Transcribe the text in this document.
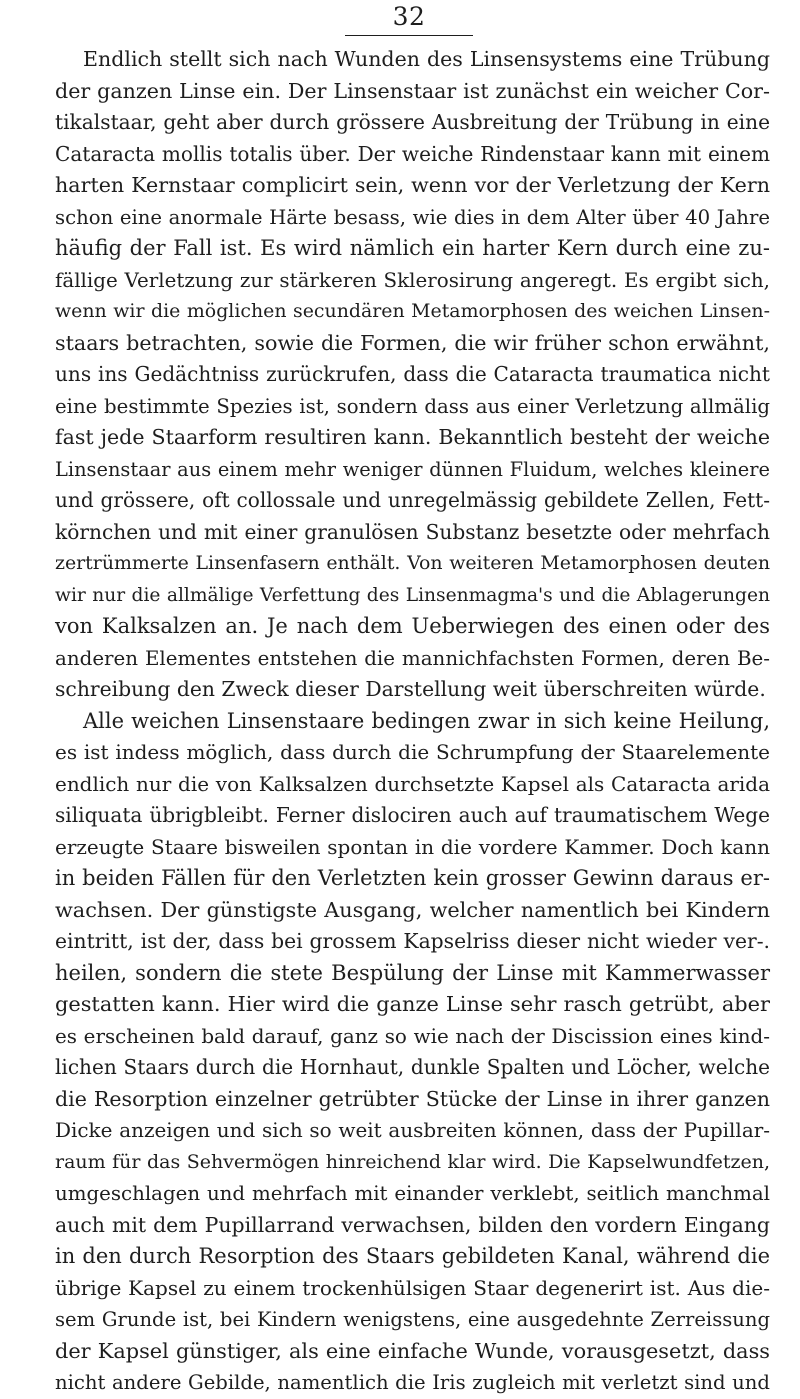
32
Endlich stellt sich nach Wunden des Linsensystems eine Trübung
der ganzen Linse ein. Der Linsenstaar ist zunächst ein weicher Cor-
tikalstaar, geht aber durch grössere Ausbreitung der Trübung in eine
Cataracta mollis totalis über. Der weiche Rindenstaar kann mit einem
harten Kernstaar complicirt sein, wenn vor der Verletzung der Kern
schon eine anormale Härte besass, wie dies in dem Alter über 40 Jahre
häufig der Fall ist. Es wird nämlich ein harter Kern durch eine zu-
fällige Verletzung zur stärkeren Sklerosirung angeregt. Es ergibt sich,
wenn wir die möglichen secundären Metamorphosen des weichen Linsen-
staars betrachten, sowie die Formen, die wir früher schon erwähnt,
uns ins Gedächtniss zurückrufen, dass die Cataracta traumatica nicht
eine bestimmte Spezies ist, sondern dass aus einer Verletzung allmälig
fast jede Staarform resultiren kann. Bekanntlich besteht der weiche
Linsenstaar aus einem mehr weniger dünnen Fluidum, welches kleinere
und grössere, oft collossale und unregelmässig gebildete Zellen, Fett-
körnchen und mit einer granulösen Substanz besetzte oder mehrfach
zertrümmerte Linsenfasern enthält. Von weiteren Metamorphosen deuten
wir nur die allmälige Verfettung des Linsenmagma's und die Ablagerungen
von Kalksalzen an. Je nach dem Ueberwiegen des einen oder des
anderen Elementes entstehen die mannichfachsten Formen, deren Be-
schreibung den Zweck dieser Darstellung weit überschreiten würde.
Alle weichen Linsenstaare bedingen zwar in sich keine Heilung,
es ist indess möglich, dass durch die Schrumpfung der Staarelemente
endlich nur die von Kalksalzen durchsetzte Kapsel als Cataracta arida
siliquata übrigbleibt. Ferner dislociren auch auf traumatischem Wege
erzeugte Staare bisweilen spontan in die vordere Kammer. Doch kann
in beiden Fällen für den Verletzten kein grosser Gewinn daraus er-
wachsen. Der günstigste Ausgang, welcher namentlich bei Kindern
eintritt, ist der, dass bei grossem Kapselriss dieser nicht wieder ver-.
heilen, sondern die stete Bespülung der Linse mit Kammerwasser
gestatten kann. Hier wird die ganze Linse sehr rasch getrübt, aber
es erscheinen bald darauf, ganz so wie nach der Discission eines kind-
lichen Staars durch die Hornhaut, dunkle Spalten und Löcher, welche
die Resorption einzelner getrübter Stücke der Linse in ihrer ganzen
Dicke anzeigen und sich so weit ausbreiten können, dass der Pupillar-
raum für das Sehvermögen hinreichend klar wird. Die Kapselwundfetzen,
umgeschlagen und mehrfach mit einander verklebt, seitlich manchmal
auch mit dem Pupillarrand verwachsen, bilden den vordern Eingang
in den durch Resorption des Staars gebildeten Kanal, während die
übrige Kapsel zu einem trockenhülsigen Staar degenerirt ist. Aus die-
sem Grunde ist, bei Kindern wenigstens, eine ausgedehnte Zerreissung
der Kapsel günstiger, als eine einfache Wunde, vorausgesetzt, dass
nicht andere Gebilde, namentlich die Iris zugleich mit verletzt sind und
